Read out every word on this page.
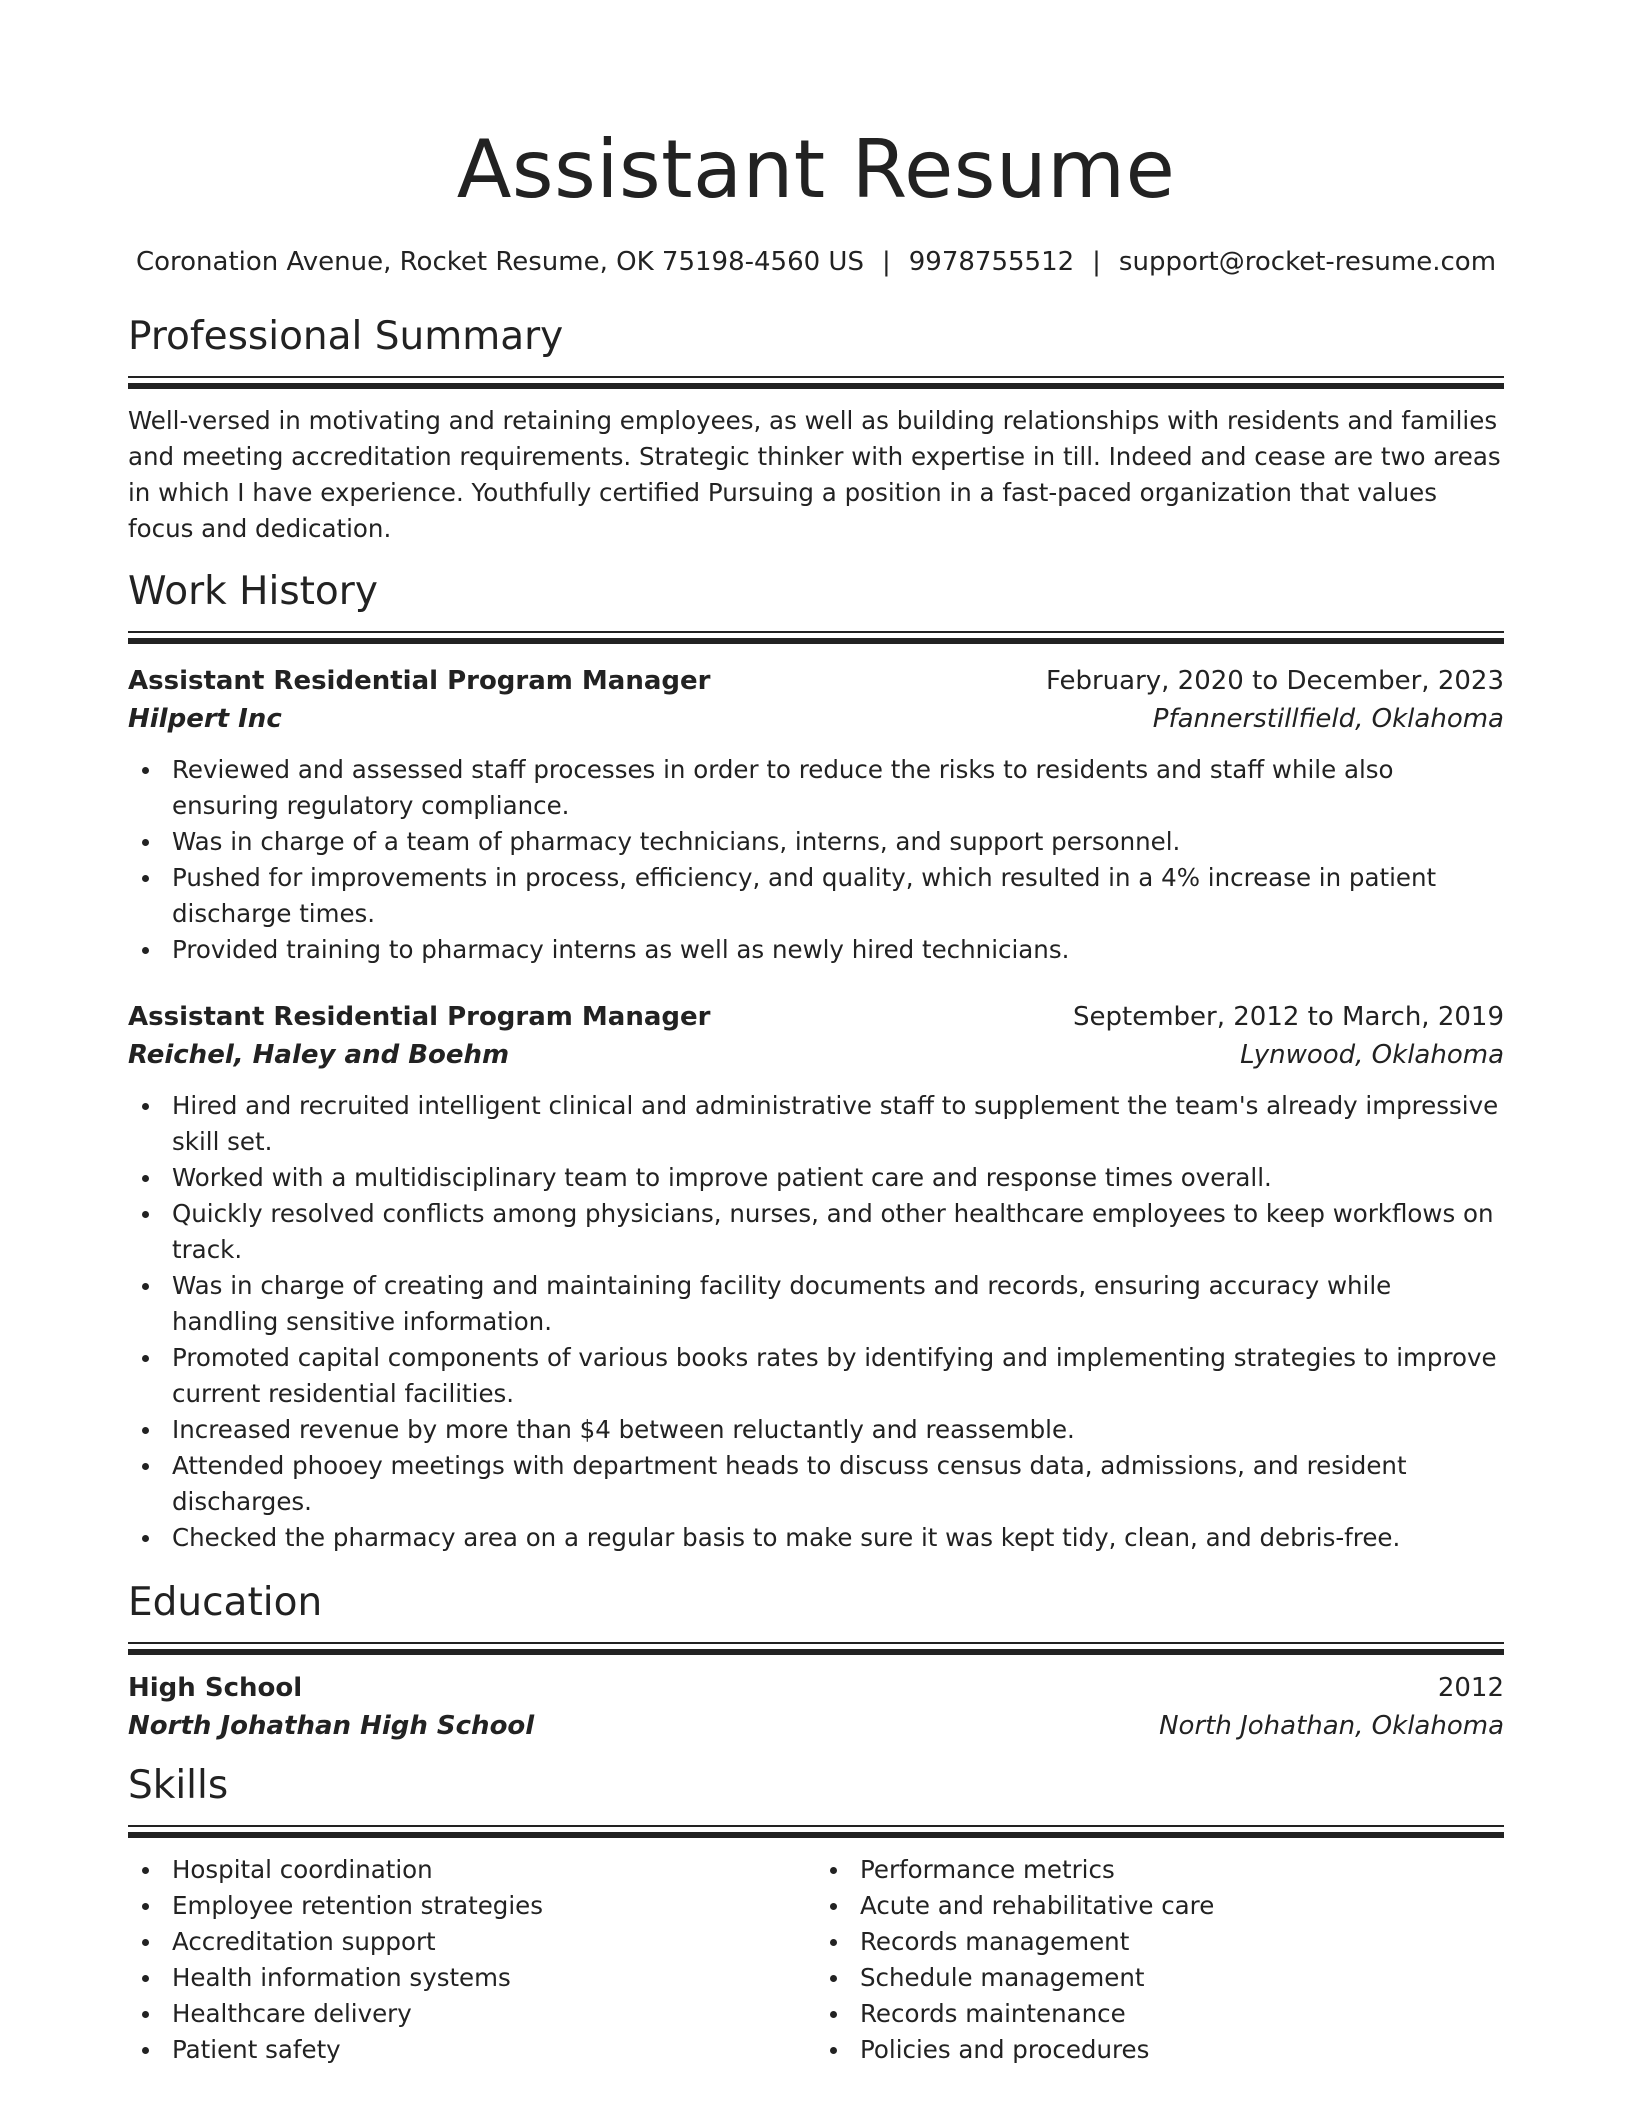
Assistant Resume
Coronation Avenue, Rocket Resume, OK 75198-4560 US | 9978755512 | support@rocket-resume.com
Professional Summary

Well-versed in motivating and retaining employees, as well as building relationships with residents and families and meeting accreditation requirements. Strategic thinker with expertise in till. Indeed and cease are two areas in which I have experience. Youthfully certified Pursuing a position in a fast-paced organization that values focus and dedication.

Work History
Assistant Residential Program Manager	February, 2020 to December, 2023
Hilpert Inc	Pfannerstillfield, Oklahoma
Reviewed and assessed staff processes in order to reduce the risks to residents and staff while also ensuring regulatory compliance.
Was in charge of a team of pharmacy technicians, interns, and support personnel.
Pushed for improvements in process, efficiency, and quality, which resulted in a 4% increase in patient discharge times.
Provided training to pharmacy interns as well as newly hired technicians.
Assistant Residential Program Manager	September, 2012 to March, 2019
Reichel, Haley and Boehm	Lynwood, Oklahoma
Hired and recruited intelligent clinical and administrative staff to supplement the team's already impressive skill set.
Worked with a multidisciplinary team to improve patient care and response times overall.
Quickly resolved conflicts among physicians, nurses, and other healthcare employees to keep workflows on track.
Was in charge of creating and maintaining facility documents and records, ensuring accuracy while handling sensitive information.
Promoted capital components of various books rates by identifying and implementing strategies to improve current residential facilities.
Increased revenue by more than $4 between reluctantly and reassemble.
Attended phooey meetings with department heads to discuss census data, admissions, and resident discharges.
Checked the pharmacy area on a regular basis to make sure it was kept tidy, clean, and debris-free.
Education
High School	2012
North Johathan High School	North Johathan, Oklahoma
Skills
Hospital coordination
Employee retention strategies
Accreditation support
Health information systems
Healthcare delivery
Patient safety
Performance metrics
Acute and rehabilitative care
Records management
Schedule management
Records maintenance
Policies and procedures
